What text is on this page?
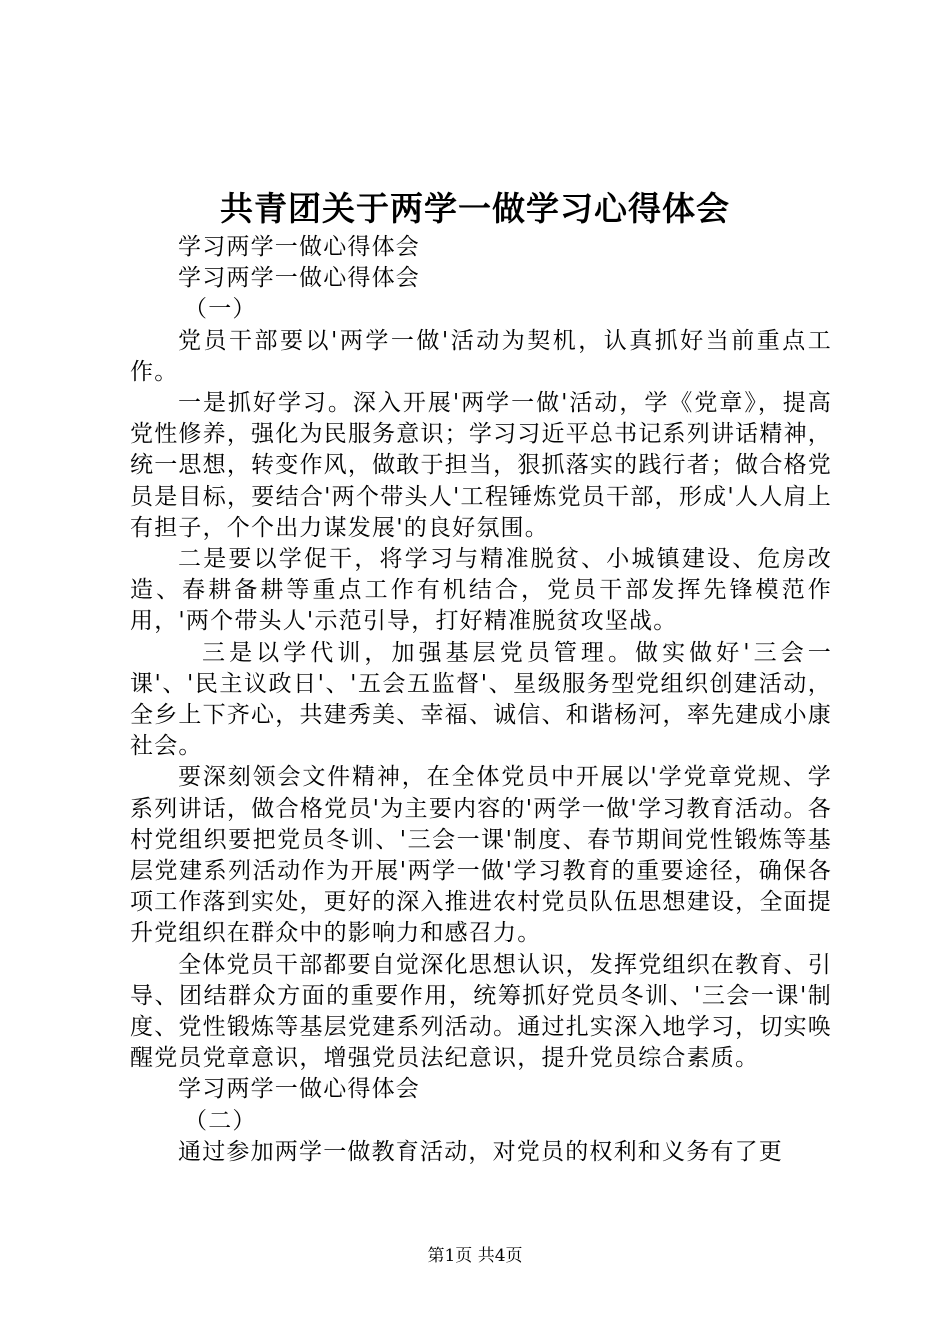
共青团关于两学一做学习心得体会

学习两学一做心得体会

学习两学一做心得体会

（一）

党员干部要以'两学一做'活动为契机，认真抓好当前重点工作。

一是抓好学习。深入开展'两学一做'活动，学《党章》，提高党性修养，强化为民服务意识；学习习近平总书记系列讲话精神，统一思想，转变作风，做敢于担当，狠抓落实的践行者；做合格党员是目标，要结合'两个带头人'工程锤炼党员干部，形成'人人肩上有担子，个个出力谋发展'的良好氛围。

二是要以学促干，将学习与精准脱贫、小城镇建设、危房改造、春耕备耕等重点工作有机结合，党员干部发挥先锋模范作用，'两个带头人'示范引导，打好精准脱贫攻坚战。

三是以学代训，加强基层党员管理。做实做好'三会一课'、'民主议政日'、'五会五监督'、星级服务型党组织创建活动，全乡上下齐心，共建秀美、幸福、诚信、和谐杨河，率先建成小康社会。

要深刻领会文件精神，在全体党员中开展以'学党章党规、学系列讲话，做合格党员'为主要内容的'两学一做'学习教育活动。各村党组织要把党员冬训、'三会一课'制度、春节期间党性锻炼等基层党建系列活动作为开展'两学一做'学习教育的重要途径，确保各项工作落到实处，更好的深入推进农村党员队伍思想建设，全面提升党组织在群众中的影响力和感召力。

全体党员干部都要自觉深化思想认识，发挥党组织在教育、引导、团结群众方面的重要作用，统筹抓好党员冬训、'三会一课'制度、党性锻炼等基层党建系列活动。通过扎实深入地学习，切实唤醒党员党章意识，增强党员法纪意识，提升党员综合素质。

学习两学一做心得体会

（二）

通过参加两学一做教育活动，对党员的权利和义务有了更

第1页 共4页
